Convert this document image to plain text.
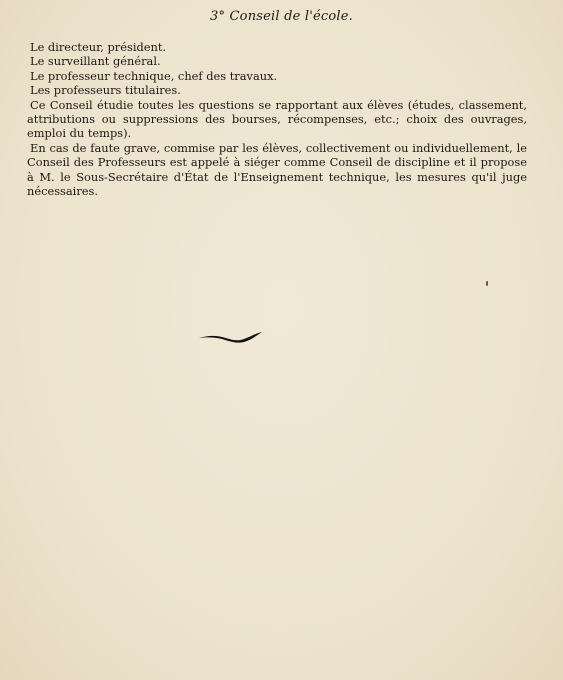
3° Conseil de l'école.
Le directeur, président.
Le surveillant général.
Le professeur technique, chef des travaux.
Les professeurs titulaires.

Ce Conseil étudie toutes les questions se rapportant aux élèves (études, classement, attributions ou suppressions des bourses, récompenses, etc.; choix des ouvrages, emploi du temps).

En cas de faute grave, commise par les élèves, collectivement ou individuellement, le Conseil des Professeurs est appelé à siéger comme Conseil de discipline et il propose à M. le Sous-Secrétaire d'État de l'Enseignement technique, les mesures qu'il juge nécessaires.
